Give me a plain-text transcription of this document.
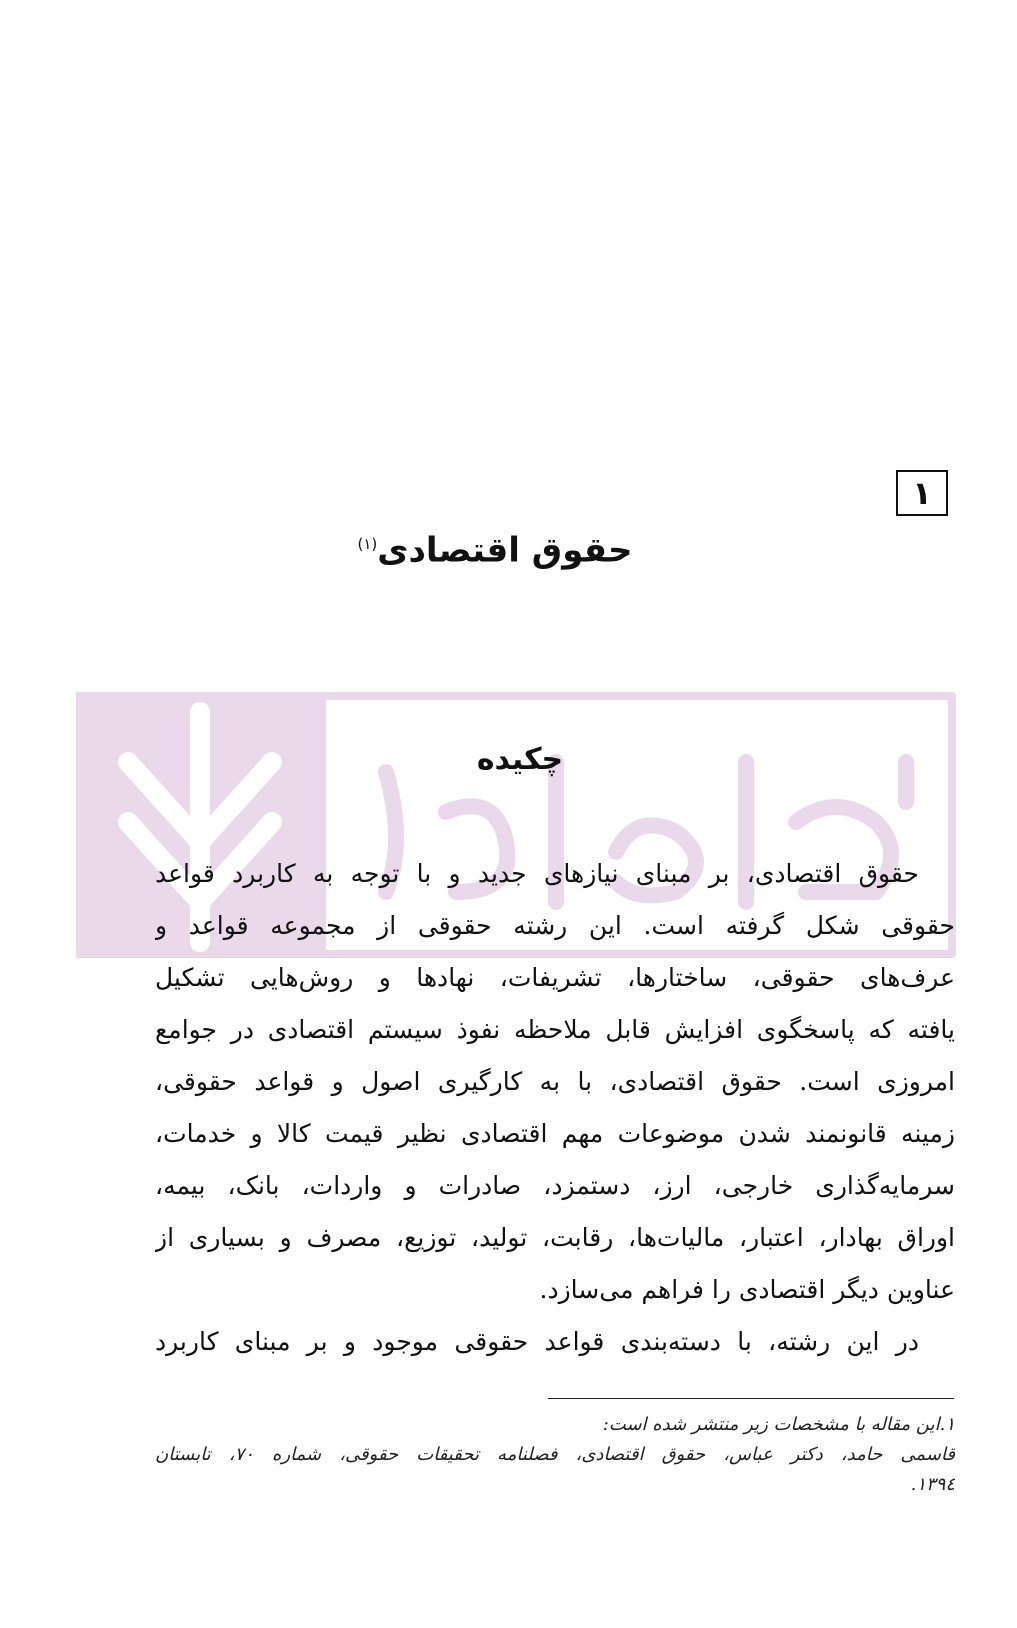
۱
حقوق اقتصادی$^{(۱)}$
چکیده
حقوق اقتصادی، بر مبنای نیازهای جدید و با توجه به کاربرد قواعد
حقوقی شکل گرفته است. این رشته حقوقی از مجموعه قواعد و
عرف‌های حقوقی، ساختارها، تشریفات، نهادها و روش‌هایی تشکیل
یافته که پاسخگوی افزایش قابل ملاحظه نفوذ سیستم اقتصادی در جوامع
امروزی است. حقوق اقتصادی، با به کارگیری اصول و قواعد حقوقی،
زمینه قانونمند شدن موضوعات مهم اقتصادی نظیر قیمت کالا و خدمات،
سرمایه‌گذاری خارجی، ارز، دستمزد، صادرات و واردات، بانک، بیمه،
اوراق بهادار، اعتبار، مالیات‌ها، رقابت، تولید، توزیع، مصرف و بسیاری از
عناوین دیگر اقتصادی را فراهم می‌سازد.
در این رشته، با دسته‌بندی قواعد حقوقی موجود و بر مبنای کاربرد
۱.این مقاله با مشخصات زیر منتشر شده است:
قاسمی حامد، دکتر عباس، حقوق اقتصادی، فصلنامه تحقیقات حقوقی، شماره ۷۰، تابستان
۱۳۹٤.
